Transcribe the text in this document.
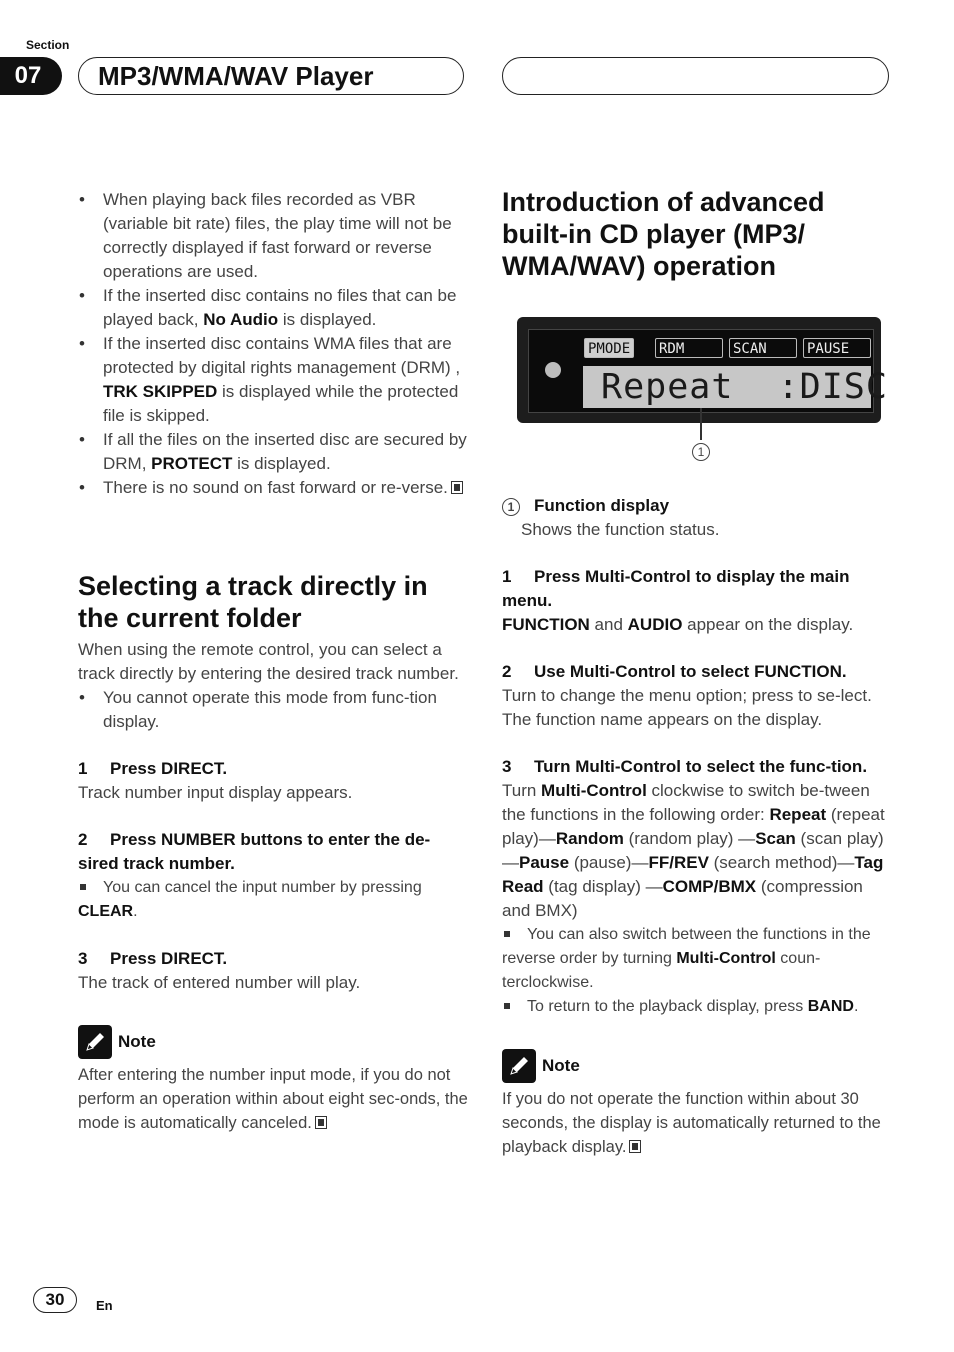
Section
07	MP3/WMA/WAV Player
• When playing back files recorded as VBR (variable bit rate) files, the play time will not be correctly displayed if fast forward or reverse operations are used.
• If the inserted disc contains no files that can be played back, No Audio is displayed.
• If the inserted disc contains WMA files that are protected by digital rights management (DRM) , TRK SKIPPED is displayed while the protected file is skipped.
• If all the files on the inserted disc are secured by DRM, PROTECT is displayed.
• There is no sound on fast forward or re-verse.
Selecting a track directly in the current folder
When using the remote control, you can select a track directly by entering the desired track number.
• You cannot operate this mode from func-tion display.
1 Press DIRECT.
Track number input display appears.
2 Press NUMBER buttons to enter the de-sired track number.
You can cancel the input number by pressing
CLEAR.
3 Press DIRECT.
The track of entered number will play.
Note
After entering the number input mode, if you do not perform an operation within about eight sec-onds, the mode is automatically canceled.
Introduction of advanced built-in CD player (MP3/ WMA/WAV) operation
PMODE RDM	SCAN	PAUSE
Repeat  :DISC
1
1 Function display
Shows the function status.
1 Press Multi-Control to display the main menu.
FUNCTION and AUDIO appear on the display.
2 Use Multi-Control to select FUNCTION.
Turn to change the menu option; press to se-lect.
The function name appears on the display.
3 Turn Multi-Control to select the func-tion.
Turn Multi-Control clockwise to switch be-tween the functions in the following order: Repeat (repeat play)—Random (random play) —Scan (scan play)—Pause (pause)—FF/REV (search method)—Tag Read (tag display) —COMP/BMX (compression and BMX)
You can also switch between the functions in the reverse order by turning Multi-Control coun-terclockwise.
To return to the playback display, press BAND.
Note
If you do not operate the function within about 30 seconds, the display is automatically returned to the playback display.
30	En
